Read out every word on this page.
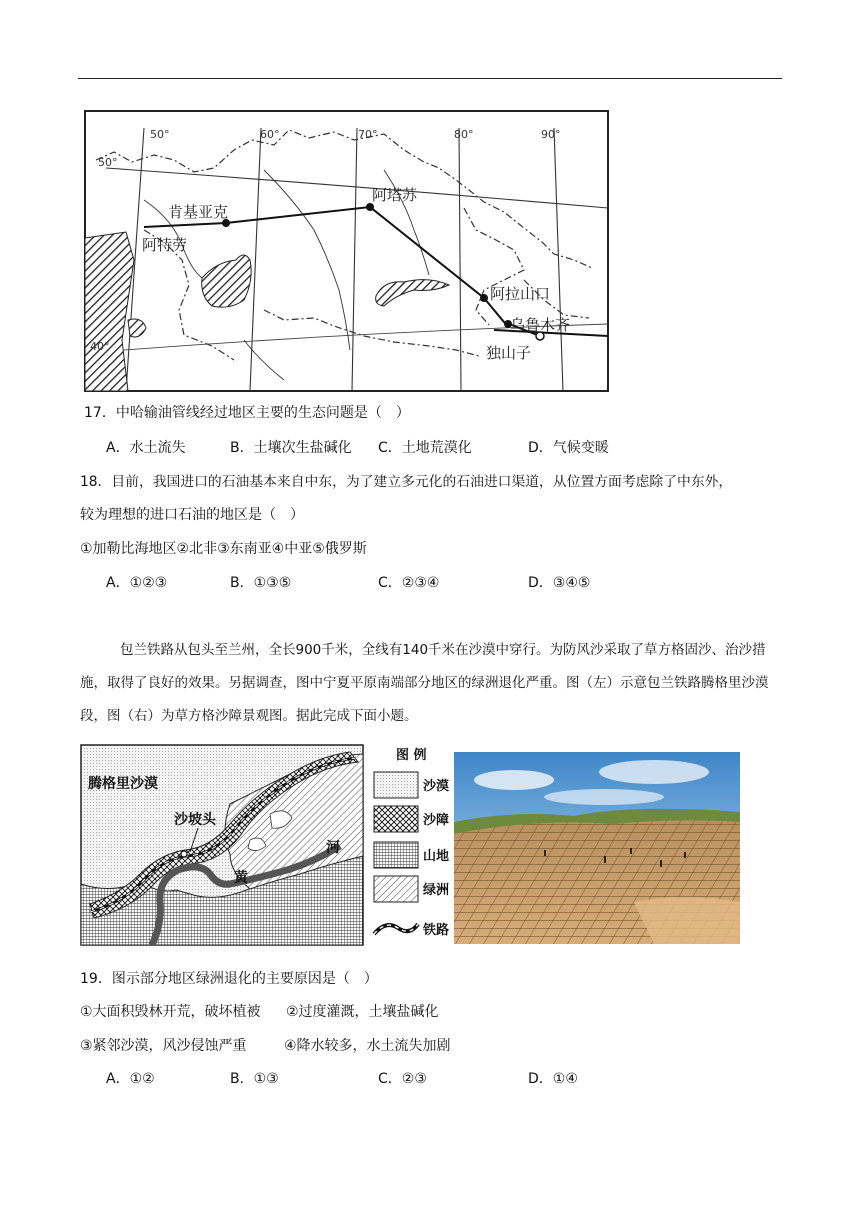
50°	60°	70°	80°	90°
50°
40°
肯基亚克
阿塔苏
阿特劳
阿拉山口
乌鲁木齐
独山子
17．中哈输油管线经过地区主要的生态问题是（　）
A．水土流失	B．土壤次生盐碱化 C．土地荒漠化	D．气候变暖
18．目前，我国进口的石油基本来自中东，为了建立多元化的石油进口渠道，从位置方面考虑除了中东外，
较为理想的进口石油的地区是（　）
①加勒比海地区②北非③东南亚④中亚⑤俄罗斯
A．①②③	B．①③⑤	C．②③④	D．③④⑤
包兰铁路从包头至兰州，全长900千米，全线有140千米在沙漠中穿行。为防风沙采取了草方格固沙、治沙措施，取得了良好的效果。另据调查，图中宁夏平原南端部分地区的绿洲退化严重。图（左）示意包兰铁路腾格里沙漠段，图（右）为草方格沙障景观图。据此完成下面小题。
腾格里沙漠
沙坡头
黄
河
图 例
沙漠
沙障
山地
绿洲
铁路
19．图示部分地区绿洲退化的主要原因是（　）
①大面积毁林开荒，破坏植被 ②过度灌溉，土壤盐碱化
③紧邻沙漠，风沙侵蚀严重	④降水较多，水土流失加剧
A．①②	B．①③	C．②③	D．①④
